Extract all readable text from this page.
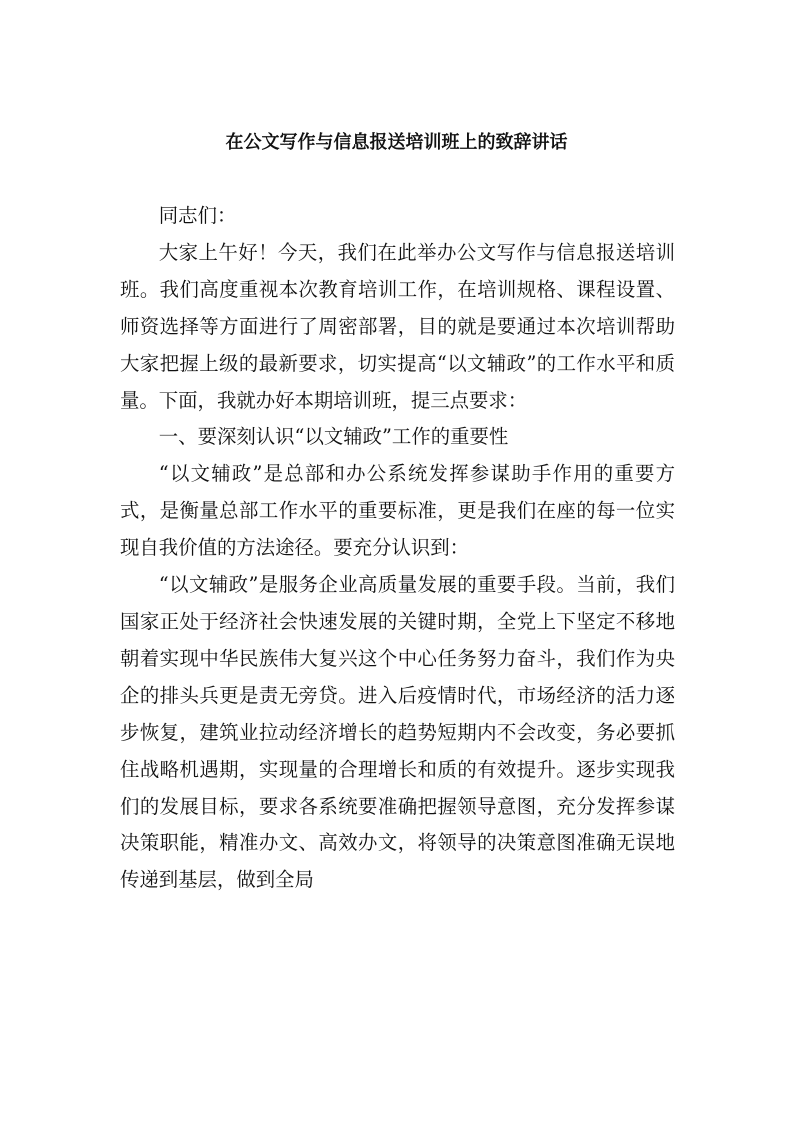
在公文写作与信息报送培训班上的致辞讲话

同志们：

大家上午好！今天，我们在此举办公文写作与信息报送培训班。我们高度重视本次教育培训工作，在培训规格、课程设置、师资选择等方面进行了周密部署，目的就是要通过本次培训帮助大家把握上级的最新要求，切实提高“以文辅政”的工作水平和质量。下面，我就办好本期培训班，提三点要求：

一、要深刻认识“以文辅政”工作的重要性

“以文辅政”是总部和办公系统发挥参谋助手作用的重要方式，是衡量总部工作水平的重要标准，更是我们在座的每一位实现自我价值的方法途径。要充分认识到：

“以文辅政”是服务企业高质量发展的重要手段。当前，我们国家正处于经济社会快速发展的关键时期，全党上下坚定不移地朝着实现中华民族伟大复兴这个中心任务努力奋斗，我们作为央企的排头兵更是责无旁贷。进入后疫情时代，市场经济的活力逐步恢复，建筑业拉动经济增长的趋势短期内不会改变，务必要抓住战略机遇期，实现量的合理增长和质的有效提升。逐步实现我们的发展目标，要求各系统要准确把握领导意图，充分发挥参谋决策职能，精准办文、高效办文，将领导的决策意图准确无误地传递到基层，做到全局
